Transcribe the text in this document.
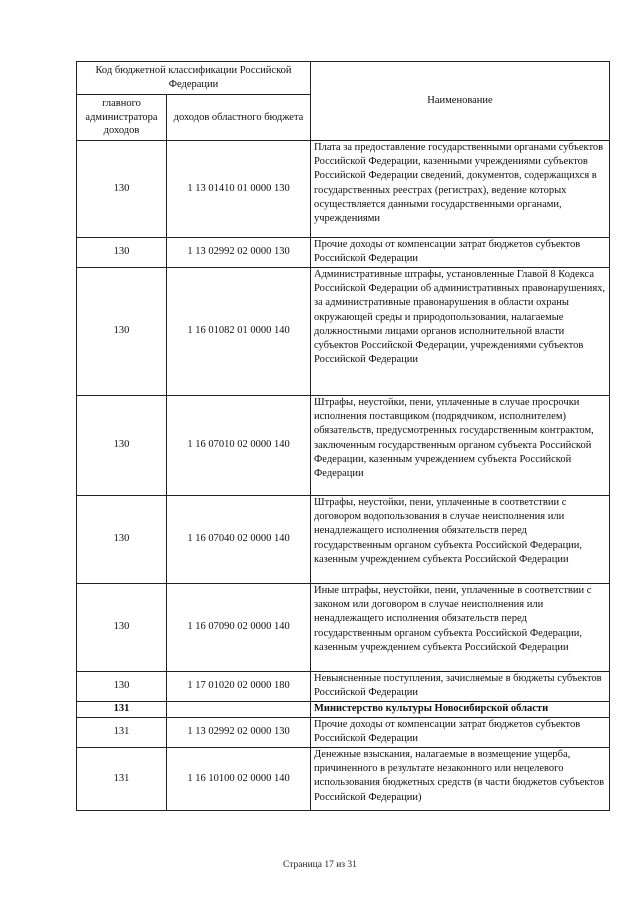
Код бюджетной классификации Российской Федерации		Наименование
главного администратора доходов	доходов областного бюджета	
130	1 13 01410 01 0000 130	Плата за предоставление государственными органами субъектов Российской Федерации, казенными учреждениями субъектов Российской Федерации сведений, документов, содержащихся в государственных реестрах (регистрах), ведение которых осуществляется данными государственными органами, учреждениями
130	1 13 02992 02 0000 130	Прочие доходы от компенсации затрат бюджетов субъектов Российской Федерации
130	1 16 01082 01 0000 140	Административные штрафы, установленные Главой 8 Кодекса Российской Федерации об административных правонарушениях, за административные правонарушения в области охраны окружающей среды и природопользования, налагаемые должностными лицами органов исполнительной власти субъектов Российской Федерации, учреждениями субъектов Российской Федерации
130	1 16 07010 02 0000 140	Штрафы, неустойки, пени, уплаченные в случае просрочки исполнения поставщиком (подрядчиком, исполнителем) обязательств, предусмотренных государственным контрактом, заключенным государственным органом субъекта Российской Федерации, казенным учреждением субъекта Российской Федерации
130	1 16 07040 02 0000 140	Штрафы, неустойки, пени, уплаченные в соответствии с договором водопользования в случае неисполнения или ненадлежащего исполнения обязательств перед государственным органом субъекта Российской Федерации, казенным учреждением субъекта Российской Федерации
130	1 16 07090 02 0000 140	Иные штрафы, неустойки, пени, уплаченные в соответствии с законом или договором в случае неисполнения или ненадлежащего исполнения обязательств перед государственным органом субъекта Российской Федерации, казенным учреждением субъекта Российской Федерации
130	1 17 01020 02 0000 180	Невыясненные поступления, зачисляемые в бюджеты субъектов Российской Федерации
131		Министерство культуры Новосибирской области
131	1 13 02992 02 0000 130	Прочие доходы от компенсации затрат бюджетов субъектов Российской Федерации
131	1 16 10100 02 0000 140	Денежные взыскания, налагаемые в возмещение ущерба, причиненного в результате незаконного или нецелевого использования бюджетных средств (в части бюджетов субъектов Российской Федерации)
Страница 17 из 31
